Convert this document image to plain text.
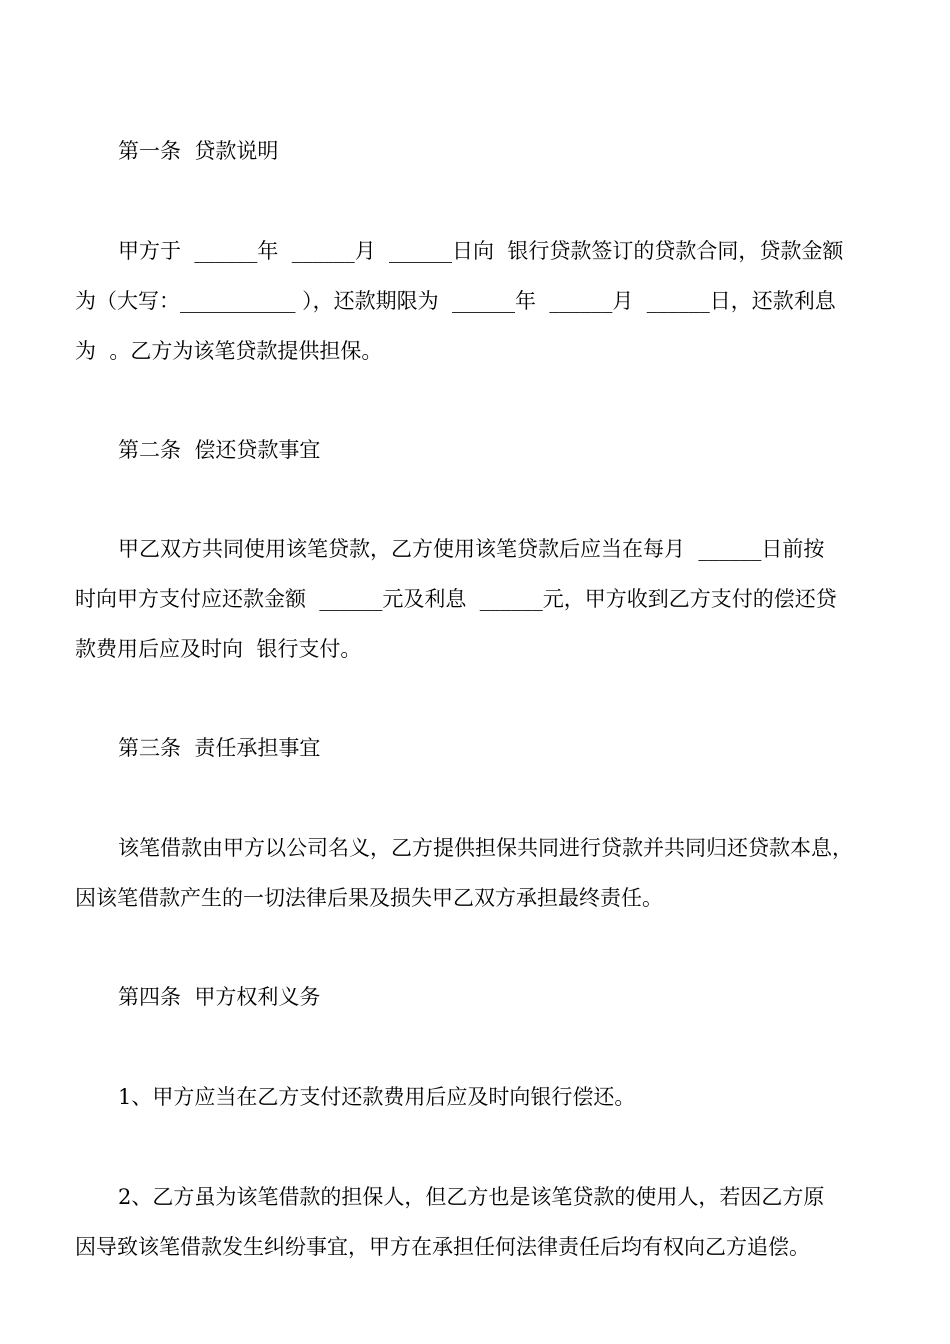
第一条  贷款说明
甲方于  ______年  ______月  ______日向  银行贷款签订的贷款合同，贷款金额
为（大写：___________ ），还款期限为  ______年  ______月  ______日，还款利息
为  。乙方为该笔贷款提供担保。
第二条  偿还贷款事宜
甲乙双方共同使用该笔贷款，乙方使用该笔贷款后应当在每月  ______日前按
时向甲方支付应还款金额  ______元及利息  ______元，甲方收到乙方支付的偿还贷
款费用后应及时向  银行支付。
第三条  责任承担事宜
该笔借款由甲方以公司名义，乙方提供担保共同进行贷款并共同归还贷款本息，
因该笔借款产生的一切法律后果及损失甲乙双方承担最终责任。
第四条  甲方权利义务
1、甲方应当在乙方支付还款费用后应及时向银行偿还。
2、乙方虽为该笔借款的担保人，但乙方也是该笔贷款的使用人，若因乙方原
因导致该笔借款发生纠纷事宜，甲方在承担任何法律责任后均有权向乙方追偿。
